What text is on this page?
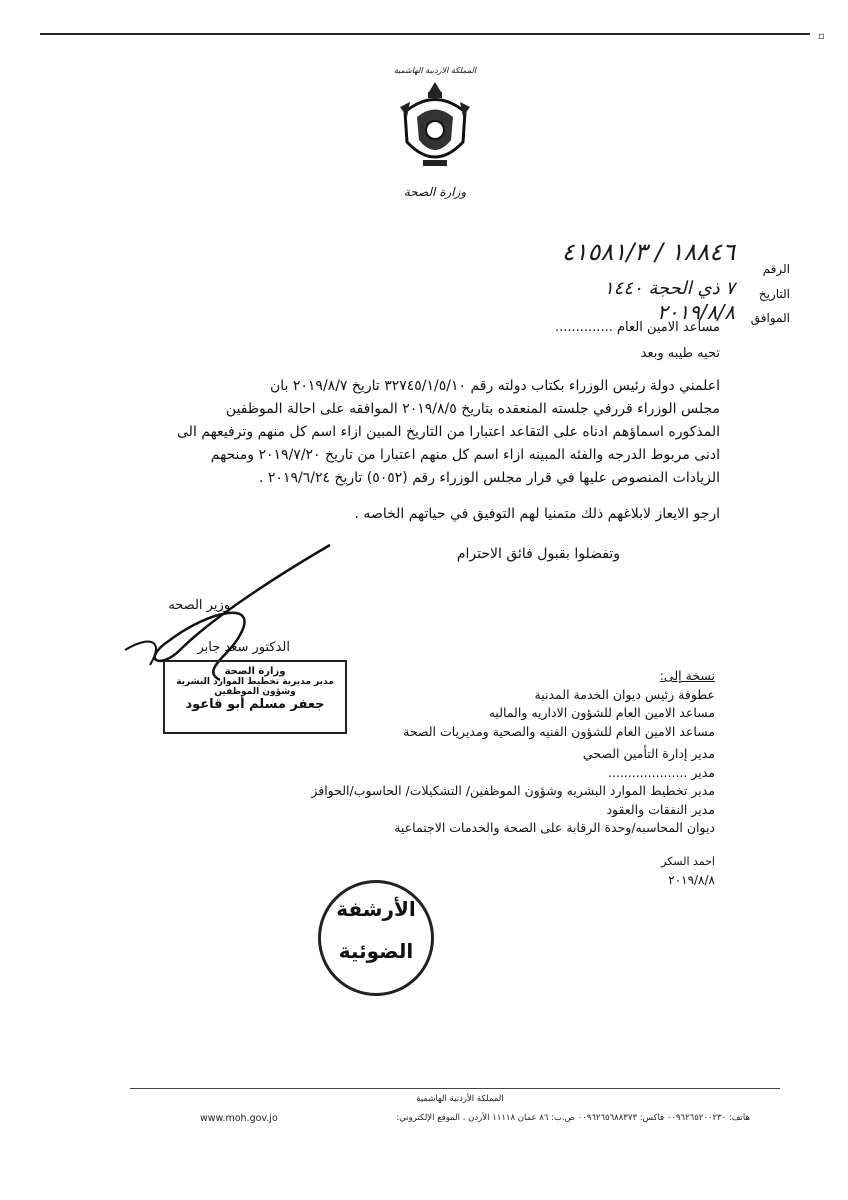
▫
المملكة الاردنية الهاشمية
وزارة الصحة
الرقم
١٨٨٤٦ / ٤١٥٨١/٣
التاريخ
٧ ذي الحجة ١٤٤٠
الموافق
٢٠١٩/٨/٨
مساعد الامين العام ..............
تحيه طيبه وبعد
اعلمني دولة رئيس الوزراء بكتاب دولته رقم ٣٢٧٤٥/١/٥/١٠ تاريخ ٢٠١٩/٨/٧ بان
مجلس الوزراء قررفي جلسته المنعقده بتاريخ ٢٠١٩/٨/٥ الموافقه على احالة الموظفين
المذكوره اسماؤهم ادناه على التقاعد اعتبارا من التاريخ المبين ازاء اسم كل منهم وترفيعهم الى
ادنى مربوط الدرجه والفئه المبينه ازاء اسم كل منهم اعتبارا من تاريخ ٢٠١٩/٧/٢٠ ومنحهم
الزيادات المنصوص عليها في قرار مجلس الوزراء رقم (٥٠٥٢) تاريخ ٢٠١٩/٦/٢٤ .
ارجو الايعاز لابلاغهم ذلك متمنيا لهم التوفيق في حياتهم الخاصه .
وتفضلوا بقبول فائق الاحترام
وزير الصحه
الدكتور سعد جابر
وزارة الصحة
مدير مديرية تخطيط الموارد البشرية
وشؤون الموظفين
جعفر مسلم أبو قاعود
نسخة إلى:
عطوفة رئيس ديوان الخدمة المدنية
مساعد الامين العام للشؤون الاداريه والماليه
مساعد الامين العام للشؤون الفنيه والصحية ومديريات الصحة
مدير إدارة التأمين الصحي
مدير ....................
مدير تخطيط الموارد البشريه وشؤون الموظفين/ التشكيلات/ الحاسوب/الحوافز
مدير النفقات والعقود
ديوان المحاسبه/وحدة الرقابة على الصحة والخدمات الاجتماعية
احمد السكر
٢٠١٩/٨/٨
الأرشفة
الضوئية
المملكة الأردنية الهاشمية
هاتف: ٠٠٩٦٢٦٥٢٠٠٢٣٠ فاكس: ٠٠٩٦٢٦٥٦٨٨٣٧٣ ص.ب: ٨٦ عمان ١١١١٨ الأردن . الموقع الإلكتروني:
www.moh.gov.jo
